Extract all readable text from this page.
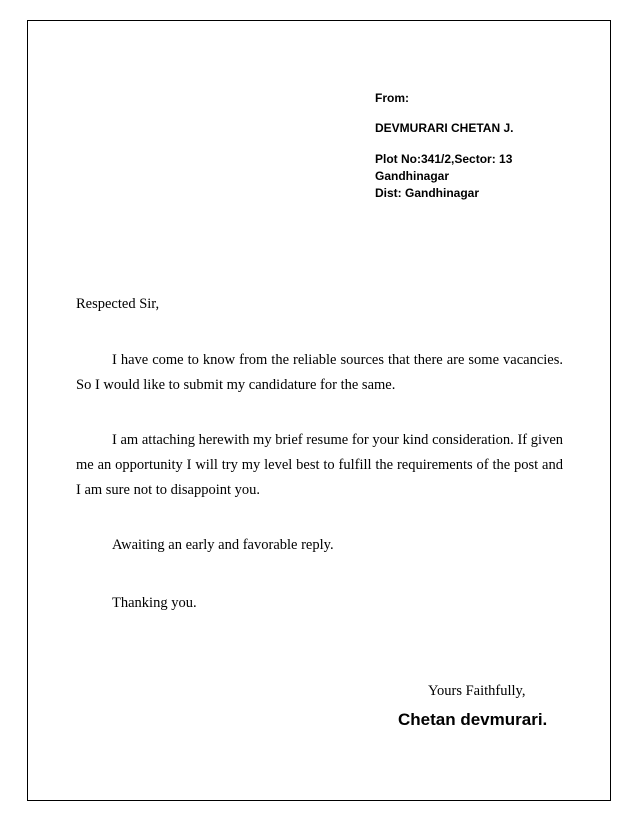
From:
DEVMURARI CHETAN J.
Plot No:341/2,Sector: 13
Gandhinagar
Dist: Gandhinagar
Respected Sir,

I have come to know from the reliable sources that there are some vacancies. So I would like to submit my candidature for the same.

I am attaching herewith my brief resume for your kind consideration. If given me an opportunity I will try my level best to fulfill the requirements of the post and I am sure not to disappoint you.

Awaiting an early and favorable reply.

Thanking you.

Yours Faithfully,
Chetan devmurari.
